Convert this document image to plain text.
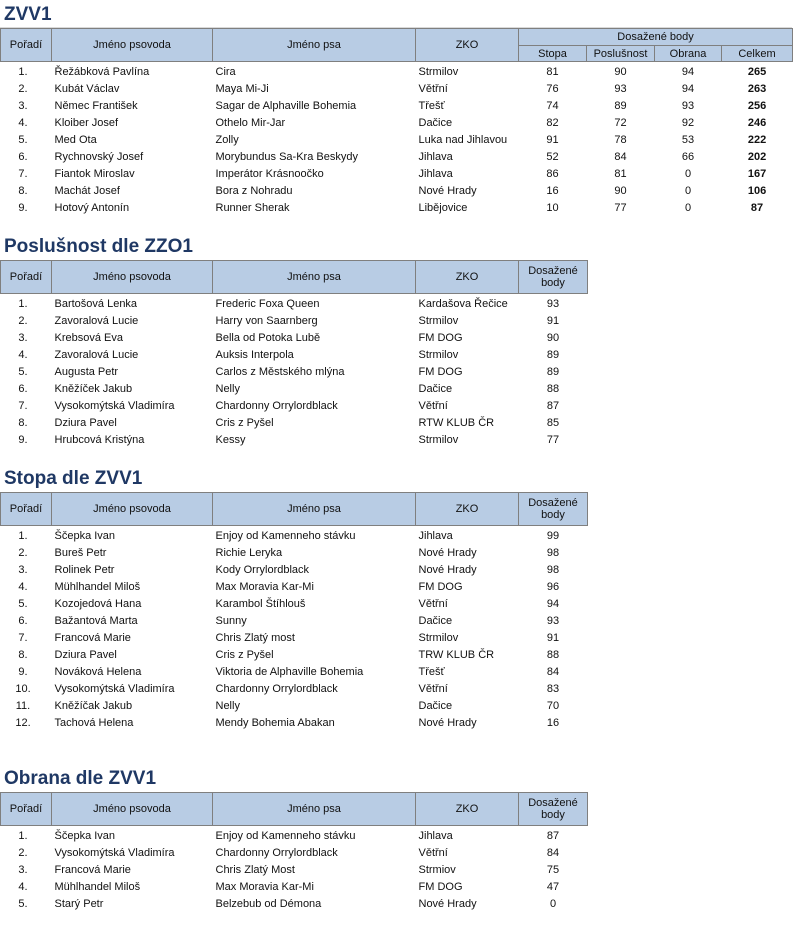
ZVV1
Pořadí	Jméno psovoda	Jméno psa	ZKO	Dosažené body			
				Stopa	Poslušnost	Obrana	Celkem
1.	Řežábková Pavlína	Cira	Strmilov	81	90	94	265
2.	Kubát Václav	Maya Mi-Ji	Větřní	76	93	94	263
3.	Němec František	Sagar de Alphaville Bohemia	Třešť	74	89	93	256
4.	Kloiber Josef	Othelo Mir-Jar	Dačice	82	72	92	246
5.	Med Ota	Zolly	Luka nad Jihlavou	91	78	53	222
6.	Rychnovský Josef	Morybundus Sa-Kra Beskydy	Jihlava	52	84	66	202
7.	Fiantok Miroslav	Imperátor Krásnoočko	Jihlava	86	81	0	167
8.	Machát Josef	Bora z Nohradu	Nové Hrady	16	90	0	106
9.	Hotový Antonín	Runner Sherak	Libějovice	10	77	0	87
Poslušnost dle ZZO1
Pořadí	Jméno psovoda	Jméno psa	ZKO	Dosažené
body

1.	Bartošová Lenka	Frederic Foxa Queen	Kardašova Řečice	93
2.	Zavoralová Lucie	Harry von Saarnberg	Strmilov	91
3.	Krebsová Eva	Bella od Potoka Lubě	FM DOG	90
4.	Zavoralová Lucie	Auksis Interpola	Strmilov	89
5.	Augusta Petr	Carlos z Městského mlýna	FM DOG	89
6.	Kněžíček Jakub	Nelly	Dačice	88
7.	Vysokomýtská Vladimíra	Chardonny Orrylordblack	Větřní	87
8.	Dziura Pavel	Cris z Pyšel	RTW KLUB ČR	85
9.	Hrubcová Kristýna	Kessy	Strmilov	77
Stopa dle ZVV1
Pořadí	Jméno psovoda	Jméno psa	ZKO	Dosažené
body

1.	Ščepka Ivan	Enjoy od Kamenneho stávku	Jihlava	99
2.	Bureš Petr	Richie Leryka	Nové Hrady	98
3.	Rolinek Petr	Kody Orrylordblack	Nové Hrady	98
4.	Mühlhandel Miloš	Max Moravia Kar-Mi	FM DOG	96
5.	Kozojedová Hana	Karambol Štíhlouš	Větřní	94
6.	Bažantová Marta	Sunny	Dačice	93
7.	Francová Marie	Chris Zlatý most	Strmilov	91
8.	Dziura Pavel	Cris z Pyšel	TRW KLUB ČR	88
9.	Nováková Helena	Viktoria de Alphaville Bohemia	Třešť	84
10.	Vysokomýtská Vladimíra	Chardonny Orrylordblack	Větřní	83
11.	Kněžíčak Jakub	Nelly	Dačice	70
12.	Tachová Helena	Mendy Bohemia Abakan	Nové Hrady	16
Obrana dle ZVV1
Pořadí	Jméno psovoda	Jméno psa	ZKO	Dosažené
body

1.	Ščepka Ivan	Enjoy od Kamenneho stávku	Jihlava	87
2.	Vysokomýtská Vladimíra	Chardonny Orrylordblack	Větřní	84
3.	Francová Marie	Chris Zlatý Most	Strmiov	75
4.	Mühlhandel Miloš	Max Moravia Kar-Mi	FM DOG	47
5.	Starý Petr	Belzebub od Démona	Nové Hrady	0
